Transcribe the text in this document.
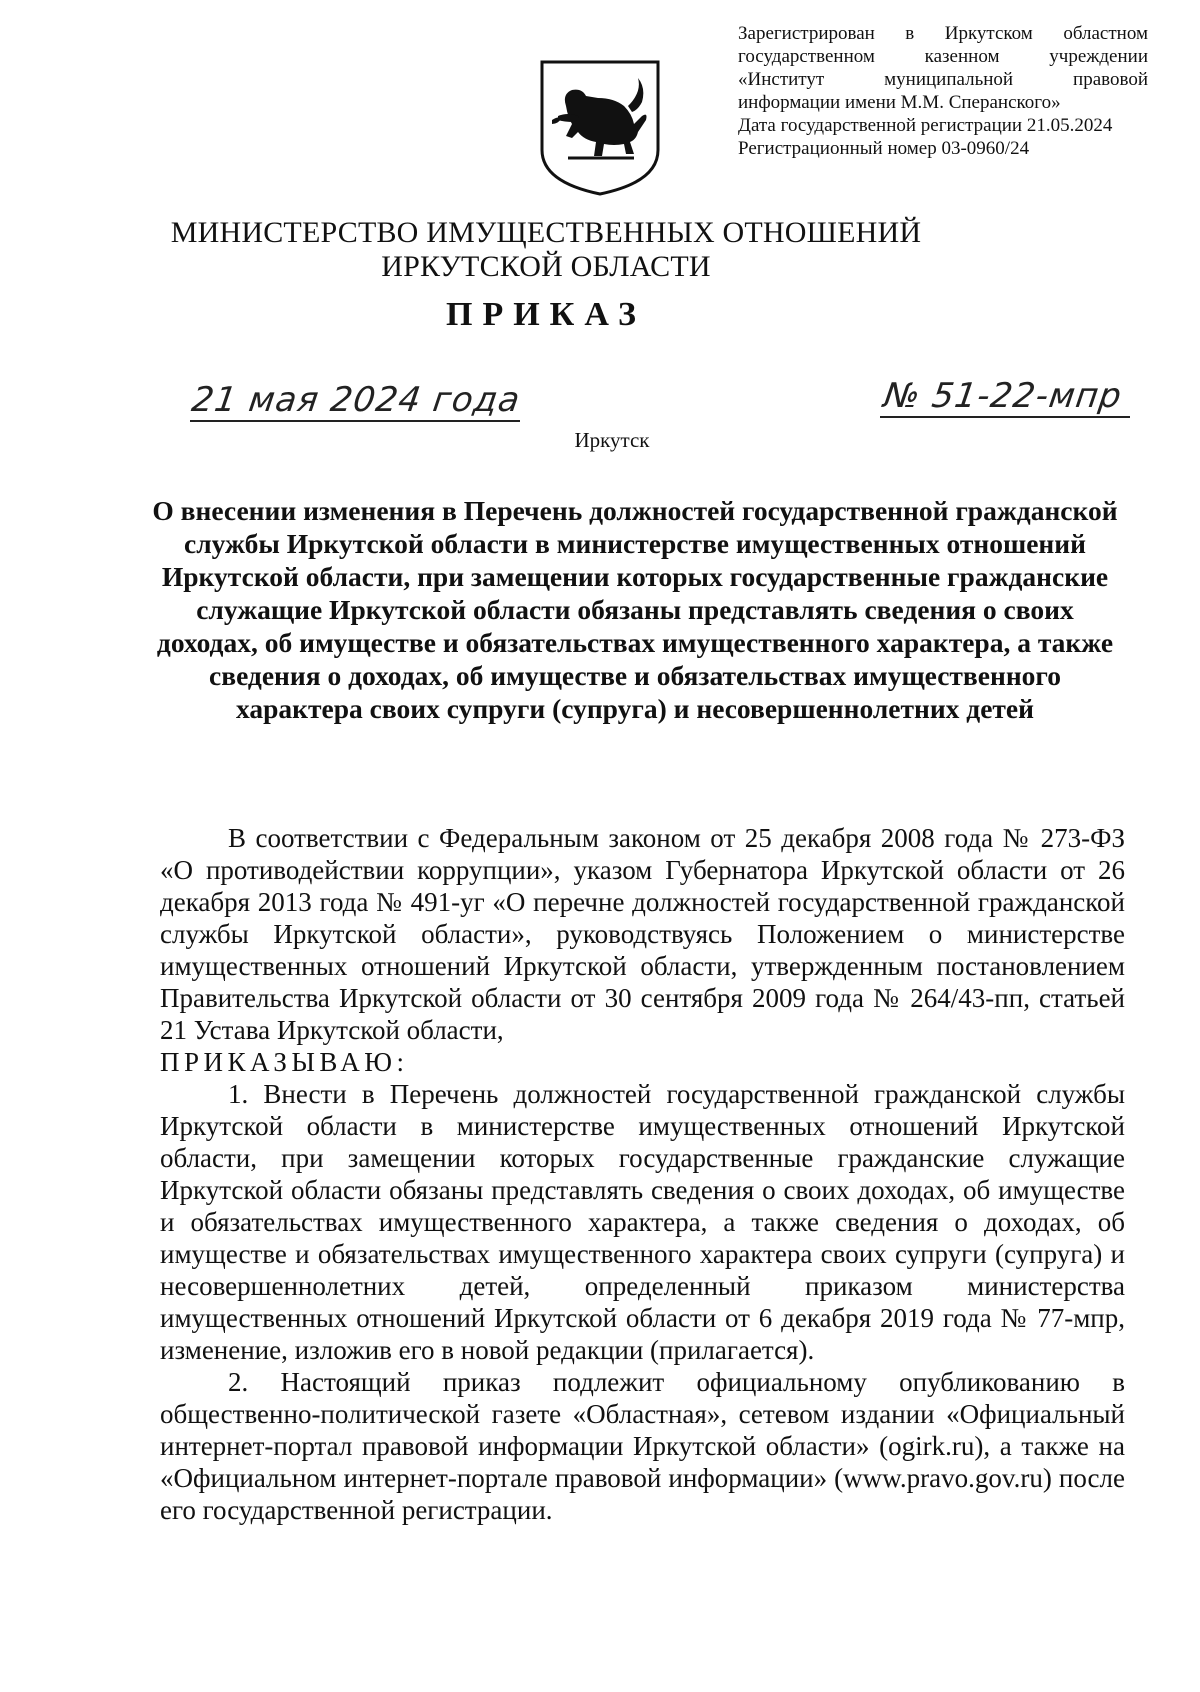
Зарегистрирован в Иркутском областном
государственном казенном учреждении
«Институт муниципальной правовой
информации имени М.М. Сперанского»
Дата государственной регистрации 21.05.2024
Регистрационный номер 03-0960/24
МИНИСТЕРСТВО ИМУЩЕСТВЕННЫХ ОТНОШЕНИЙ
ИРКУТСКОЙ ОБЛАСТИ
ПРИКАЗ
21 мая 2024 года	№ 51-22-мпр
Иркутск
О внесении изменения в Перечень должностей государственной гражданской службы Иркутской области в министерстве имущественных отношений Иркутской области, при замещении которых государственные гражданские служащие Иркутской области обязаны представлять сведения о своих доходах, об имуществе и обязательствах имущественного характера, а также сведения о доходах, об имуществе и обязательствах имущественного характера своих супруги (супруга) и несовершеннолетних детей

В соответствии с Федеральным законом от 25 декабря 2008 года № 273-ФЗ «О противодействии коррупции», указом Губернатора Иркутской области от 26 декабря 2013 года № 491-уг «О перечне должностей государственной гражданской службы Иркутской области», руководствуясь Положением о министерстве имущественных отношений Иркутской области, утвержденным постановлением Правительства Иркутской области от 30 сентября 2009 года № 264/43-пп, статьей 21 Устава Иркутской области,

ПРИКАЗЫВАЮ:

1. Внести в Перечень должностей государственной гражданской службы Иркутской области в министерстве имущественных отношений Иркутской области, при замещении которых государственные гражданские служащие Иркутской области обязаны представлять сведения о своих доходах, об имуществе и обязательствах имущественного характера, а также сведения о доходах, об имуществе и обязательствах имущественного характера своих супруги (супруга) и несовершеннолетних детей, определенный приказом министерства имущественных отношений Иркутской области от 6 декабря 2019 года № 77-мпр, изменение, изложив его в новой редакции (прилагается).

2. Настоящий приказ подлежит официальному опубликованию в общественно-политической газете «Областная», сетевом издании «Официальный интернет-портал правовой информации Иркутской области» (ogirk.ru), а также на «Официальном интернет-портале правовой информации» (www.pravo.gov.ru) после его государственной регистрации.
